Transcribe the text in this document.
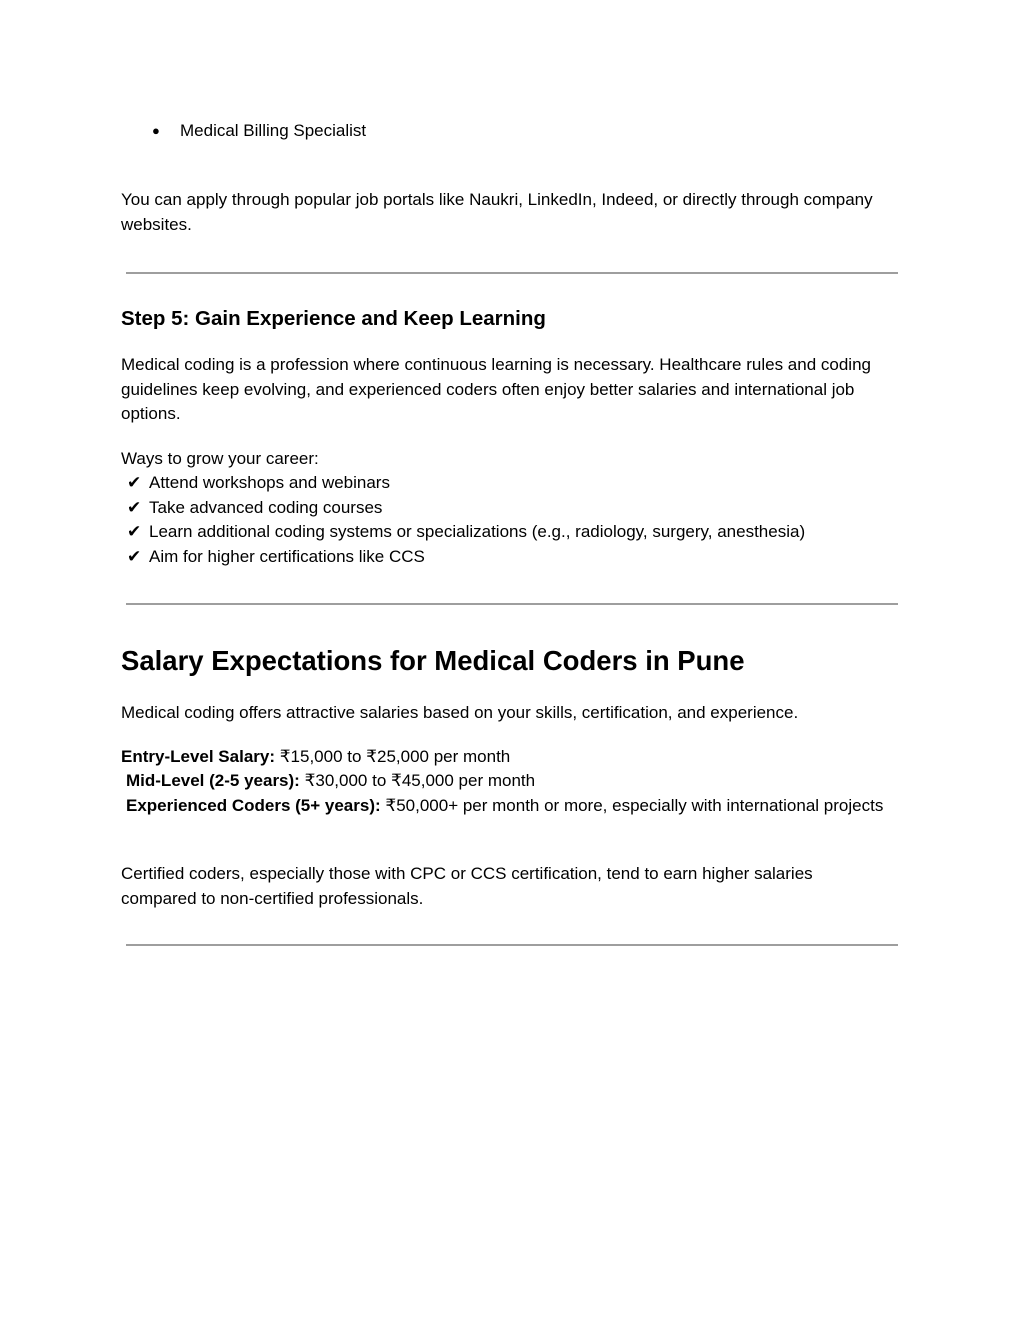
● Medical Billing Specialist

You can apply through popular job portals like Naukri, LinkedIn, Indeed, or directly through company websites.

Step 5: Gain Experience and Keep Learning

Medical coding is a profession where continuous learning is necessary. Healthcare rules and coding guidelines keep evolving, and experienced coders often enjoy better salaries and international job options.

Ways to grow your career:
✔ Attend workshops and webinars
✔ Take advanced coding courses
✔ Learn additional coding systems or specializations (e.g., radiology, surgery, anesthesia)
✔ Aim for higher certifications like CCS
Salary Expectations for Medical Coders in Pune

Medical coding offers attractive salaries based on your skills, certification, and experience.

Entry-Level Salary: ₹15,000 to ₹25,000 per month
Mid-Level (2-5 years): ₹30,000 to ₹45,000 per month
Experienced Coders (5+ years): ₹50,000+ per month or more, especially with international projects

Certified coders, especially those with CPC or CCS certification, tend to earn higher salaries compared to non-certified professionals.
